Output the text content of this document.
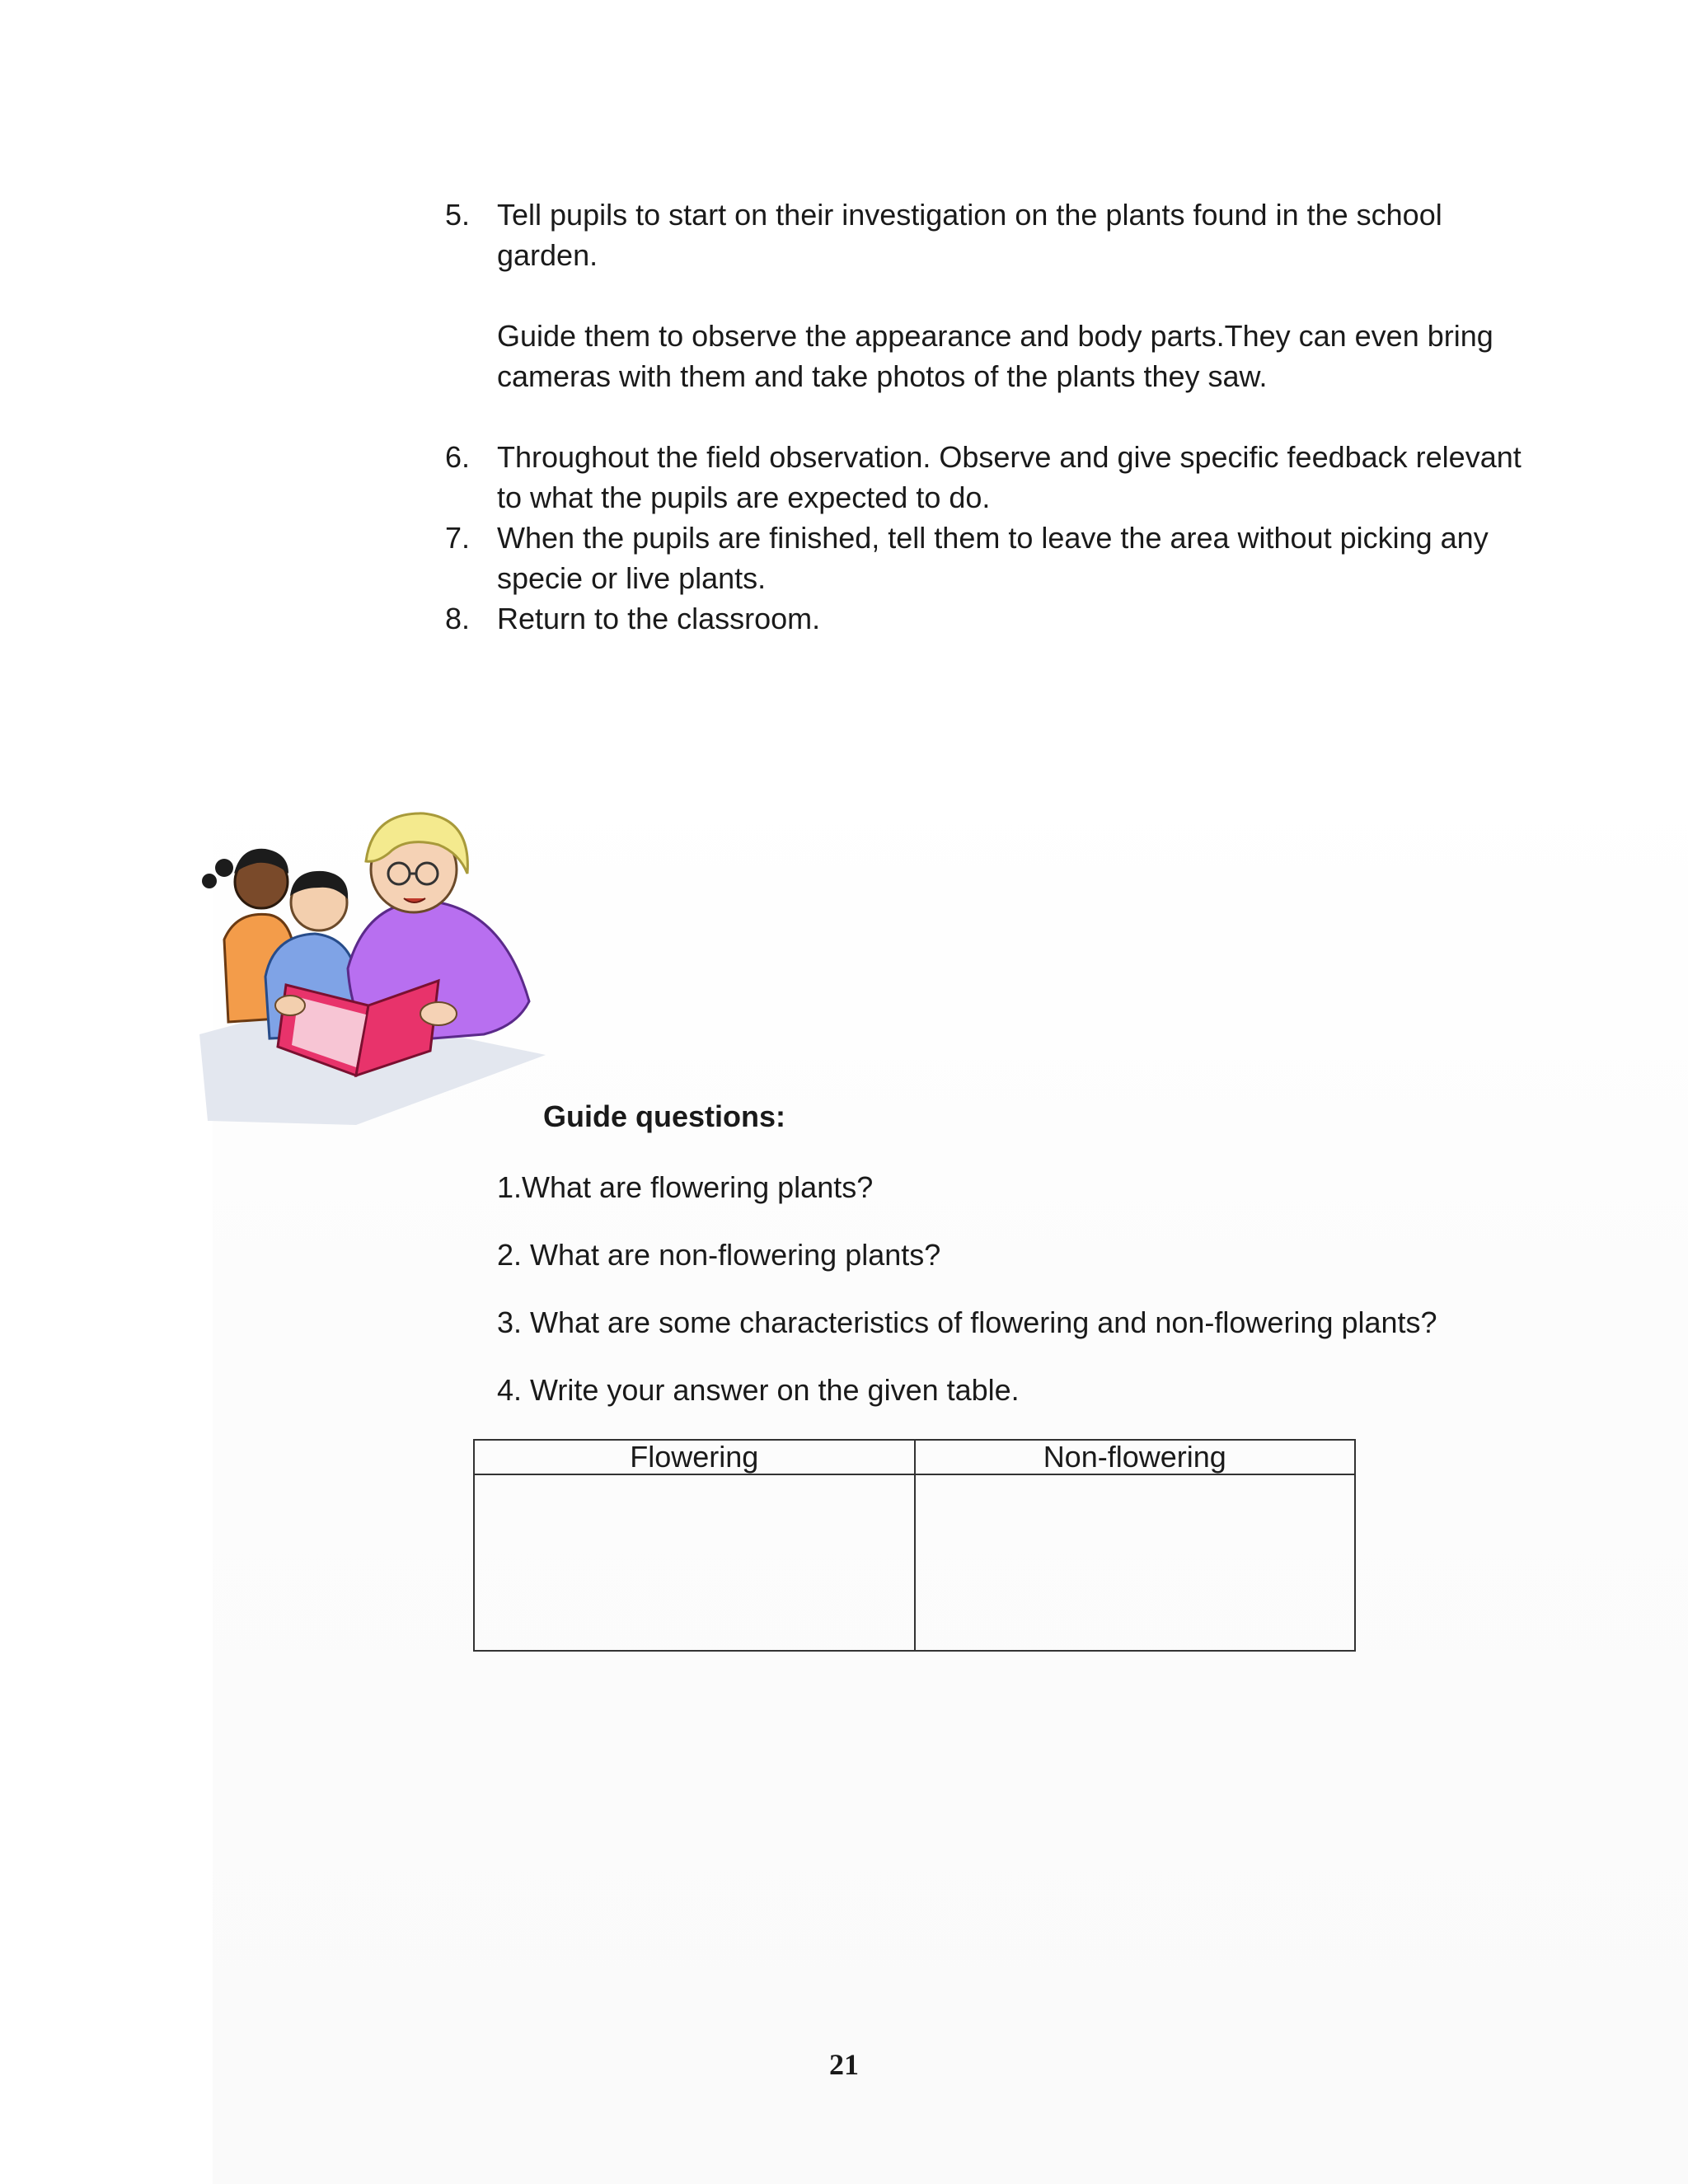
5. Tell pupils to start on their investigation on the plants found in the school garden.
Guide them to observe the appearance and body parts.They can even bring cameras with them and take photos of the plants they saw.
6. Throughout the field observation. Observe and give specific feedback relevant to what the pupils are expected to do.
7. When the pupils are finished, tell them to leave the area without picking any specie or live plants.
8. Return to the classroom.
Guide questions:
1.What are flowering plants?
2. What are non-flowering plants?
3. What are some characteristics of flowering and non-flowering plants?
4. Write your answer on the given table.
Flowering	Non-flowering

21
